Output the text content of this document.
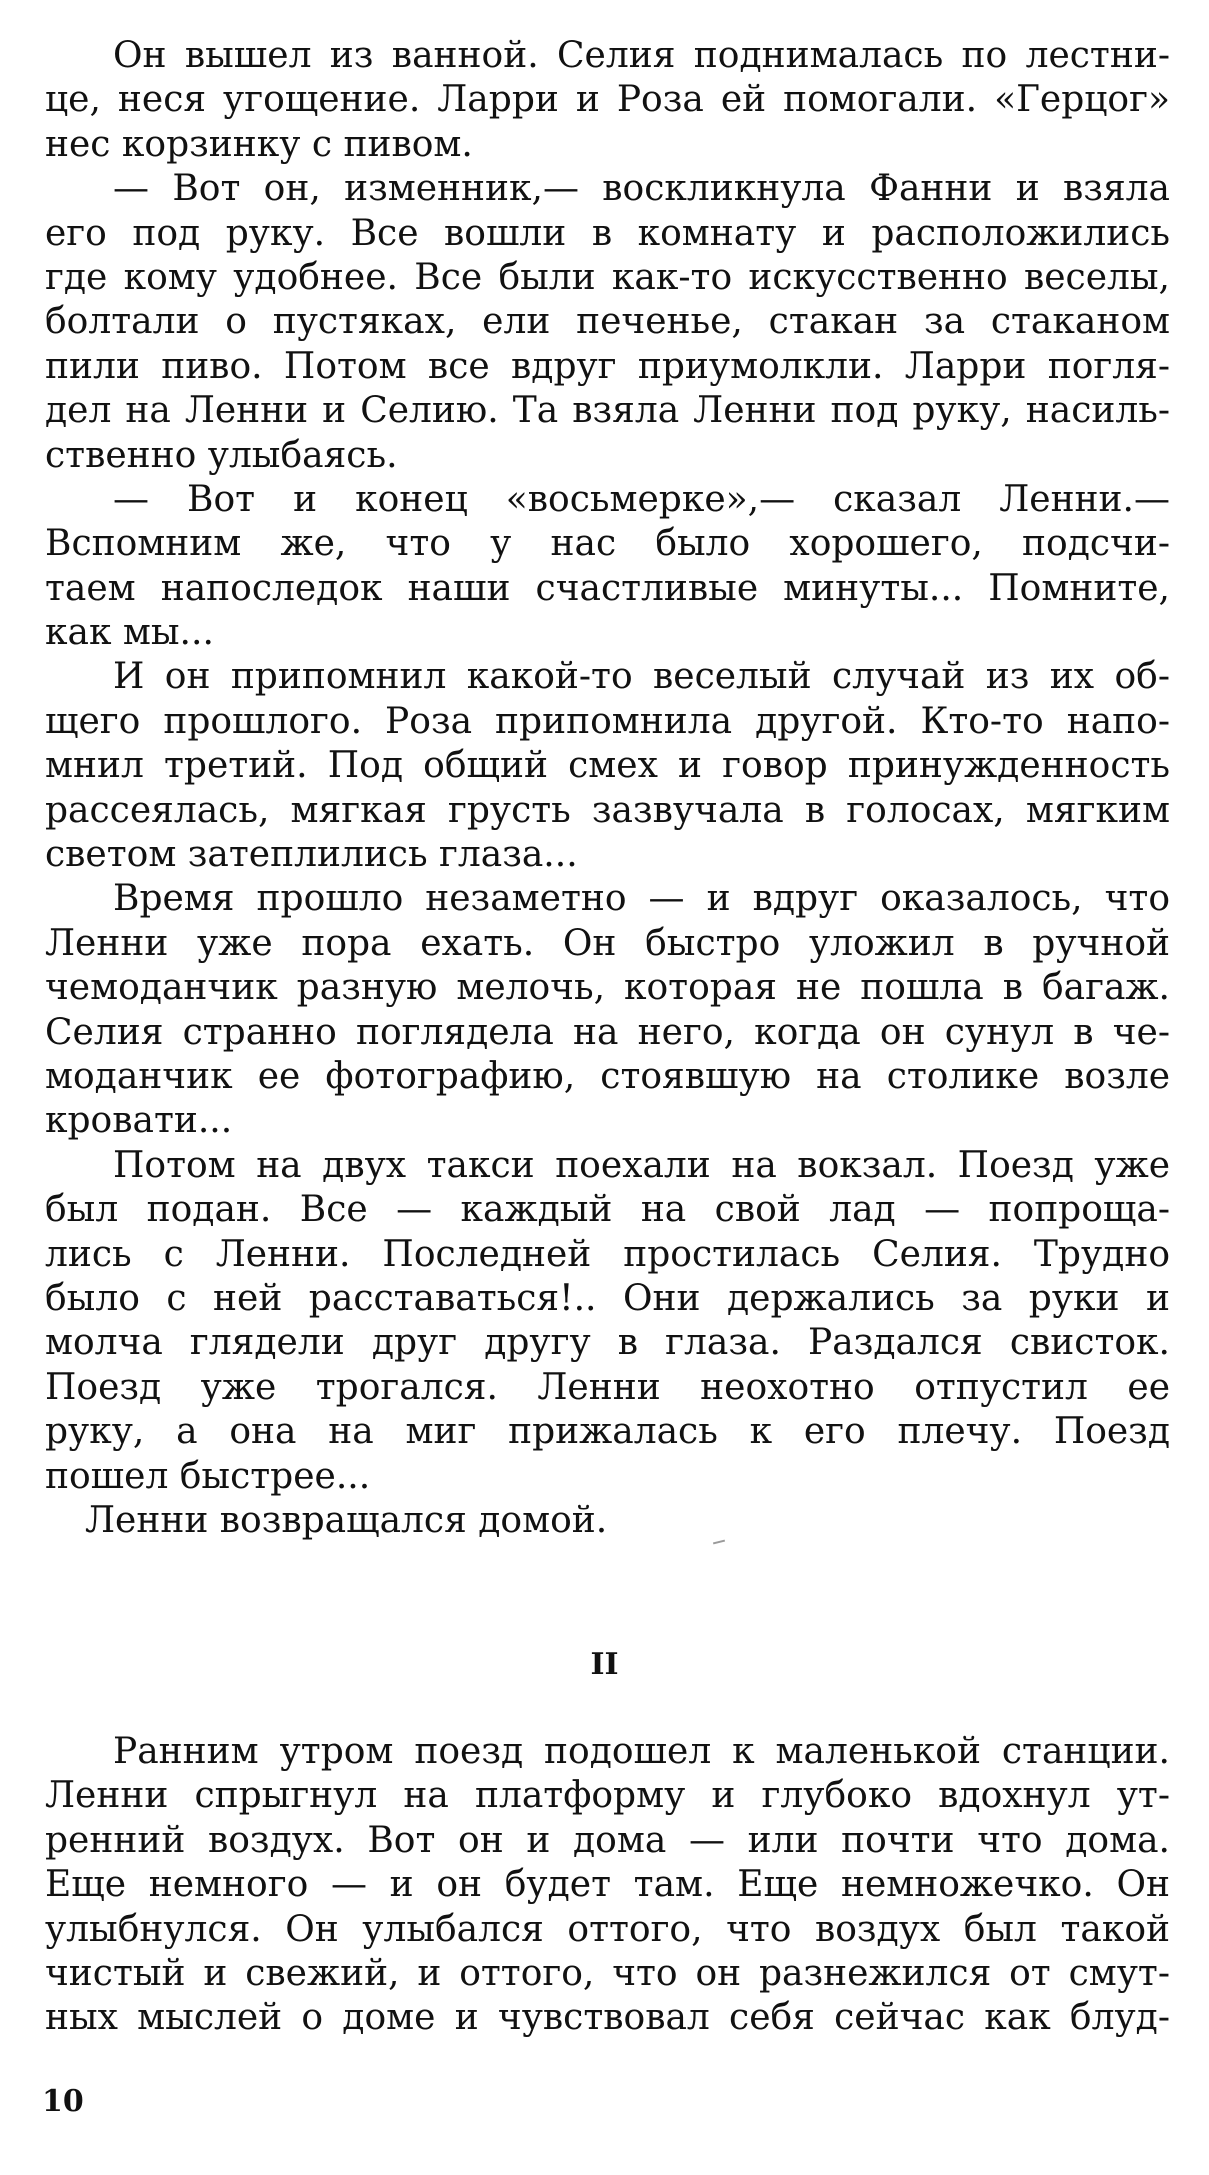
Он вышел из ванной. Селия поднималась по лестни-
це, неся угощение. Ларри и Роза ей помогали. «Герцог»
нес корзинку с пивом.
— Вот он, изменник,— воскликнула Фанни и взяла
его под руку. Все вошли в комнату и расположились
где кому удобнее. Все были как-то искусственно веселы,
болтали о пустяках, ели печенье, стакан за стаканом
пили пиво. Потом все вдруг приумолкли. Ларри погля-
дел на Ленни и Селию. Та взяла Ленни под руку, насиль-
ственно улыбаясь.
— Вот и конец «восьмерке»,— сказал Ленни.—
Вспомним же, что у нас было хорошего, подсчи-
таем напоследок наши счастливые минуты... Помните,
как мы...
И он припомнил какой-то веселый случай из их об-
щего прошлого. Роза припомнила другой. Кто-то напо-
мнил третий. Под общий смех и говор принужденность
рассеялась, мягкая грусть зазвучала в голосах, мягким
светом затеплились глаза...
Время прошло незаметно — и вдруг оказалось, что
Ленни уже пора ехать. Он быстро уложил в ручной
чемоданчик разную мелочь, которая не пошла в багаж.
Селия странно поглядела на него, когда он сунул в че-
моданчик ее фотографию, стоявшую на столике возле
кровати...
Потом на двух такси поехали на вокзал. Поезд уже
был подан. Все — каждый на свой лад — попроща-
лись с Ленни. Последней простилась Селия. Трудно
было с ней расставаться!.. Они держались за руки и
молча глядели друг другу в глаза. Раздался свисток.
Поезд уже трогался. Ленни неохотно отпустил ее
руку, а она на миг прижалась к его плечу. Поезд
пошел быстрее...
Ленни возвращался домой.
II
Ранним утром поезд подошел к маленькой станции.
Ленни спрыгнул на платформу и глубоко вдохнул ут-
ренний воздух. Вот он и дома — или почти что дома.
Еще немного — и он будет там. Еще немножечко. Он
улыбнулся. Он улыбался оттого, что воздух был такой
чистый и свежий, и оттого, что он разнежился от смут-
ных мыслей о доме и чувствовал себя сейчас как блуд-
10
